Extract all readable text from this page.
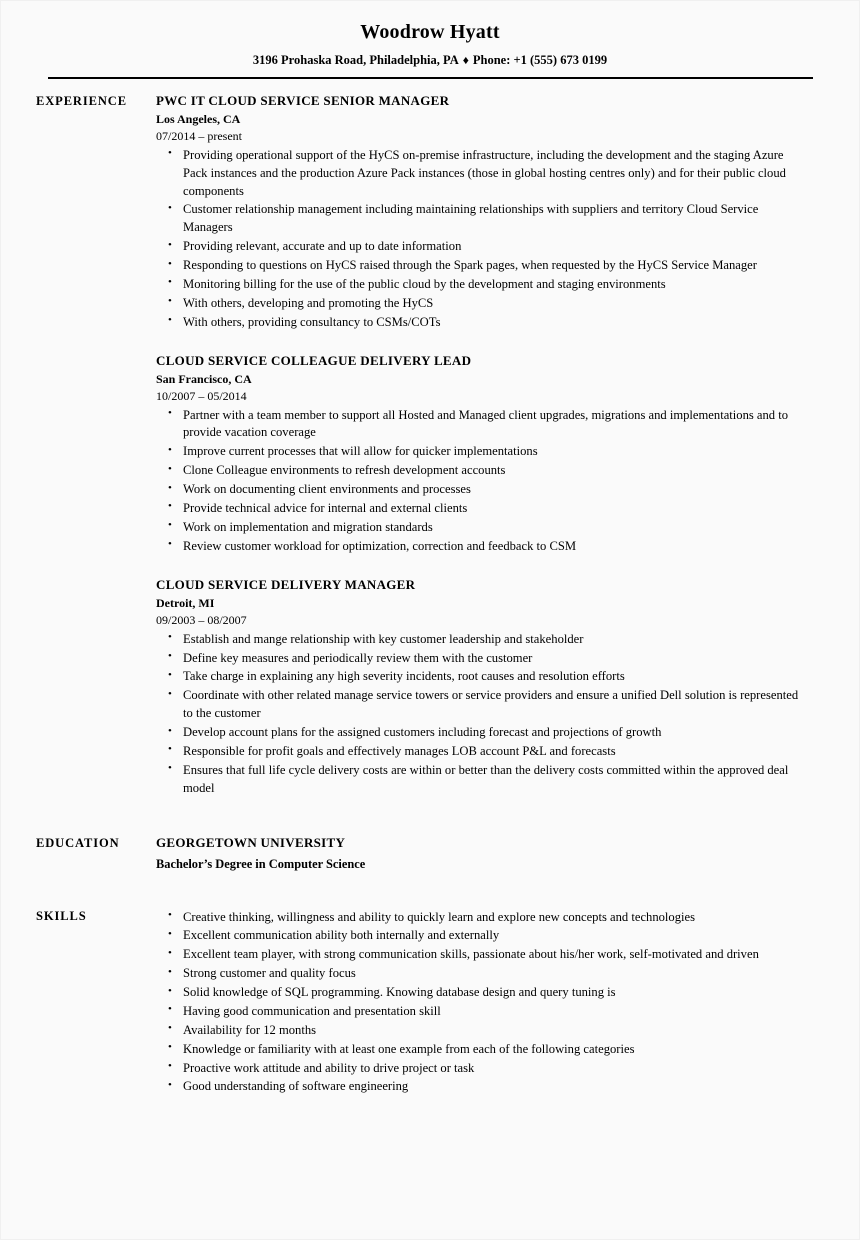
Woodrow Hyatt
3196 Prohaska Road, Philadelphia, PA ♦ Phone: +1 (555) 673 0199
EXPERIENCE	PWC IT CLOUD SERVICE SENIOR MANAGER
Los Angeles, CA
07/2014 – present
• Providing operational support of the HyCS on-premise infrastructure, including the development and the staging Azure Pack instances and the production Azure Pack instances (those in global hosting centres only) and for their public cloud components
• Customer relationship management including maintaining relationships with suppliers and territory Cloud Service Managers
• Providing relevant, accurate and up to date information
• Responding to questions on HyCS raised through the Spark pages, when requested by the HyCS Service Manager
• Monitoring billing for the use of the public cloud by the development and staging environments
• With others, developing and promoting the HyCS
• With others, providing consultancy to CSMs/COTs
CLOUD SERVICE COLLEAGUE DELIVERY LEAD
San Francisco, CA
10/2007 – 05/2014
• Partner with a team member to support all Hosted and Managed client upgrades, migrations and implementations and to provide vacation coverage
• Improve current processes that will allow for quicker implementations
• Clone Colleague environments to refresh development accounts
• Work on documenting client environments and processes
• Provide technical advice for internal and external clients
• Work on implementation and migration standards
• Review customer workload for optimization, correction and feedback to CSM
CLOUD SERVICE DELIVERY MANAGER
Detroit, MI
09/2003 – 08/2007
• Establish and mange relationship with key customer leadership and stakeholder
• Define key measures and periodically review them with the customer
• Take charge in explaining any high severity incidents, root causes and resolution efforts
• Coordinate with other related manage service towers or service providers and ensure a unified Dell solution is represented to the customer
• Develop account plans for the assigned customers including forecast and projections of growth
• Responsible for profit goals and effectively manages LOB account P&L and forecasts
• Ensures that full life cycle delivery costs are within or better than the delivery costs committed within the approved deal model
EDUCATION	GEORGETOWN UNIVERSITY
Bachelor’s Degree in Computer Science
SKILLS	• Creative thinking, willingness and ability to quickly learn and explore new concepts and technologies
• Excellent communication ability both internally and externally
• Excellent team player, with strong communication skills, passionate about his/her work, self-motivated and driven
• Strong customer and quality focus
• Solid knowledge of SQL programming. Knowing database design and query tuning is
• Having good communication and presentation skill
• Availability for 12 months
• Knowledge or familiarity with at least one example from each of the following categories
• Proactive work attitude and ability to drive project or task
• Good understanding of software engineering
